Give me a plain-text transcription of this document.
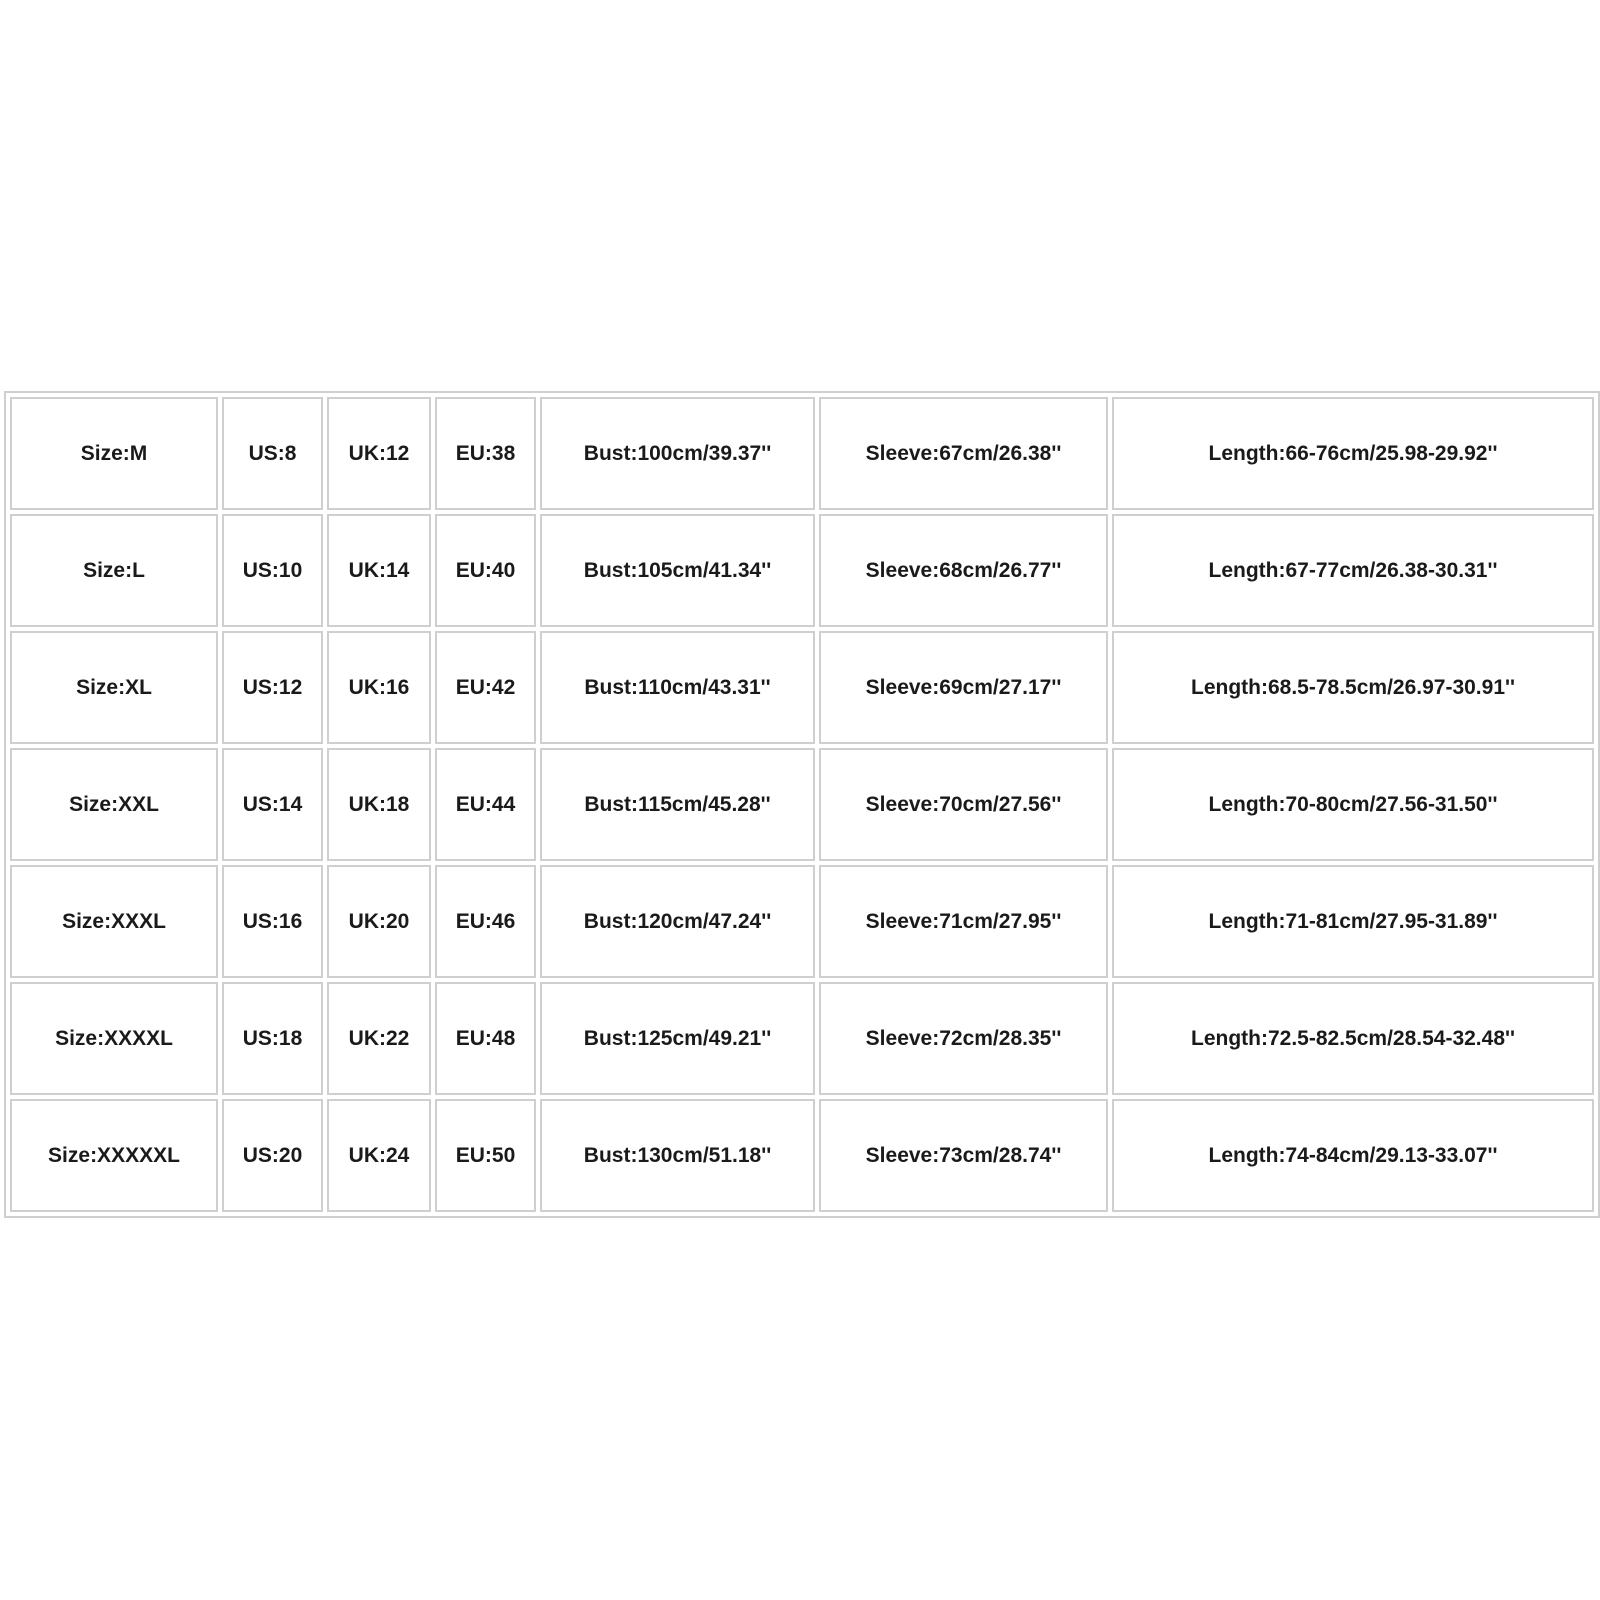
Size:M	US:8	UK:12	EU:38	Bust:100cm/39.37''	Sleeve:67cm/26.38''	Length:66-76cm/25.98-29.92''
Size:L	US:10	UK:14	EU:40	Bust:105cm/41.34''	Sleeve:68cm/26.77''	Length:67-77cm/26.38-30.31''
Size:XL	US:12	UK:16	EU:42	Bust:110cm/43.31''	Sleeve:69cm/27.17''	Length:68.5-78.5cm/26.97-30.91''
Size:XXL	US:14	UK:18	EU:44	Bust:115cm/45.28''	Sleeve:70cm/27.56''	Length:70-80cm/27.56-31.50''
Size:XXXL	US:16	UK:20	EU:46	Bust:120cm/47.24''	Sleeve:71cm/27.95''	Length:71-81cm/27.95-31.89''
Size:XXXXL	US:18	UK:22	EU:48	Bust:125cm/49.21''	Sleeve:72cm/28.35''	Length:72.5-82.5cm/28.54-32.48''
Size:XXXXXL	US:20	UK:24	EU:50	Bust:130cm/51.18''	Sleeve:73cm/28.74''	Length:74-84cm/29.13-33.07''
